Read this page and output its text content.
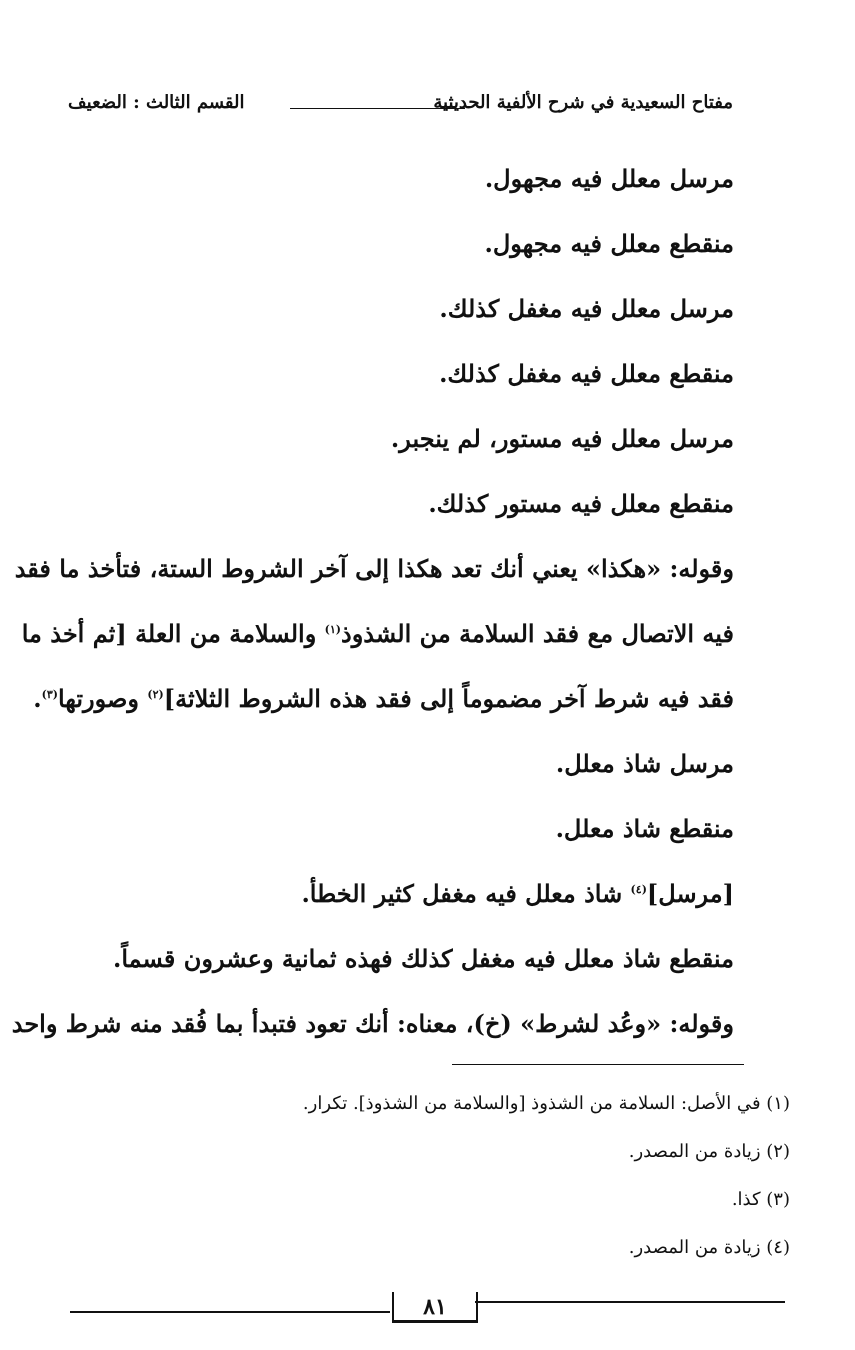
مفتاح السعيدية في شرح الألفية الحديثية
القسم الثالث : الضعيف
مرسل معلل فيه مجهول.
منقطع معلل فيه مجهول.
مرسل معلل فيه مغفل كذلك.
منقطع معلل فيه مغفل كذلك.
مرسل معلل فيه مستور، لم ينجبر.
منقطع معلل فيه مستور كذلك.
وقوله: «هكذا» يعني أنك تعد هكذا إلى آخر الشروط الستة، فتأخذ ما فقد
فيه الاتصال مع فقد السلامة من الشذوذ$^{(١)}$ والسلامة من العلة [ثم أخذ ما
فقد فيه شرط آخر مضموماً إلى فقد هذه الشروط الثلاثة]$^{(٢)}$ وصورتها$^{(٣)}$.
مرسل شاذ معلل.
منقطع شاذ معلل.
[مرسل]$^{(٤)}$ شاذ معلل فيه مغفل كثير الخطأ.
منقطع شاذ معلل فيه مغفل كذلك فهذه ثمانية وعشرون قسماً.
وقوله: «وعُد لشرط» (خ)، معناه: أنك تعود فتبدأ بما فُقد منه شرط واحد
(١) في الأصل: السلامة من الشذوذ [والسلامة من الشذوذ]. تكرار.
(٢) زيادة من المصدر.
(٣) كذا.
(٤) زيادة من المصدر.
٨١
